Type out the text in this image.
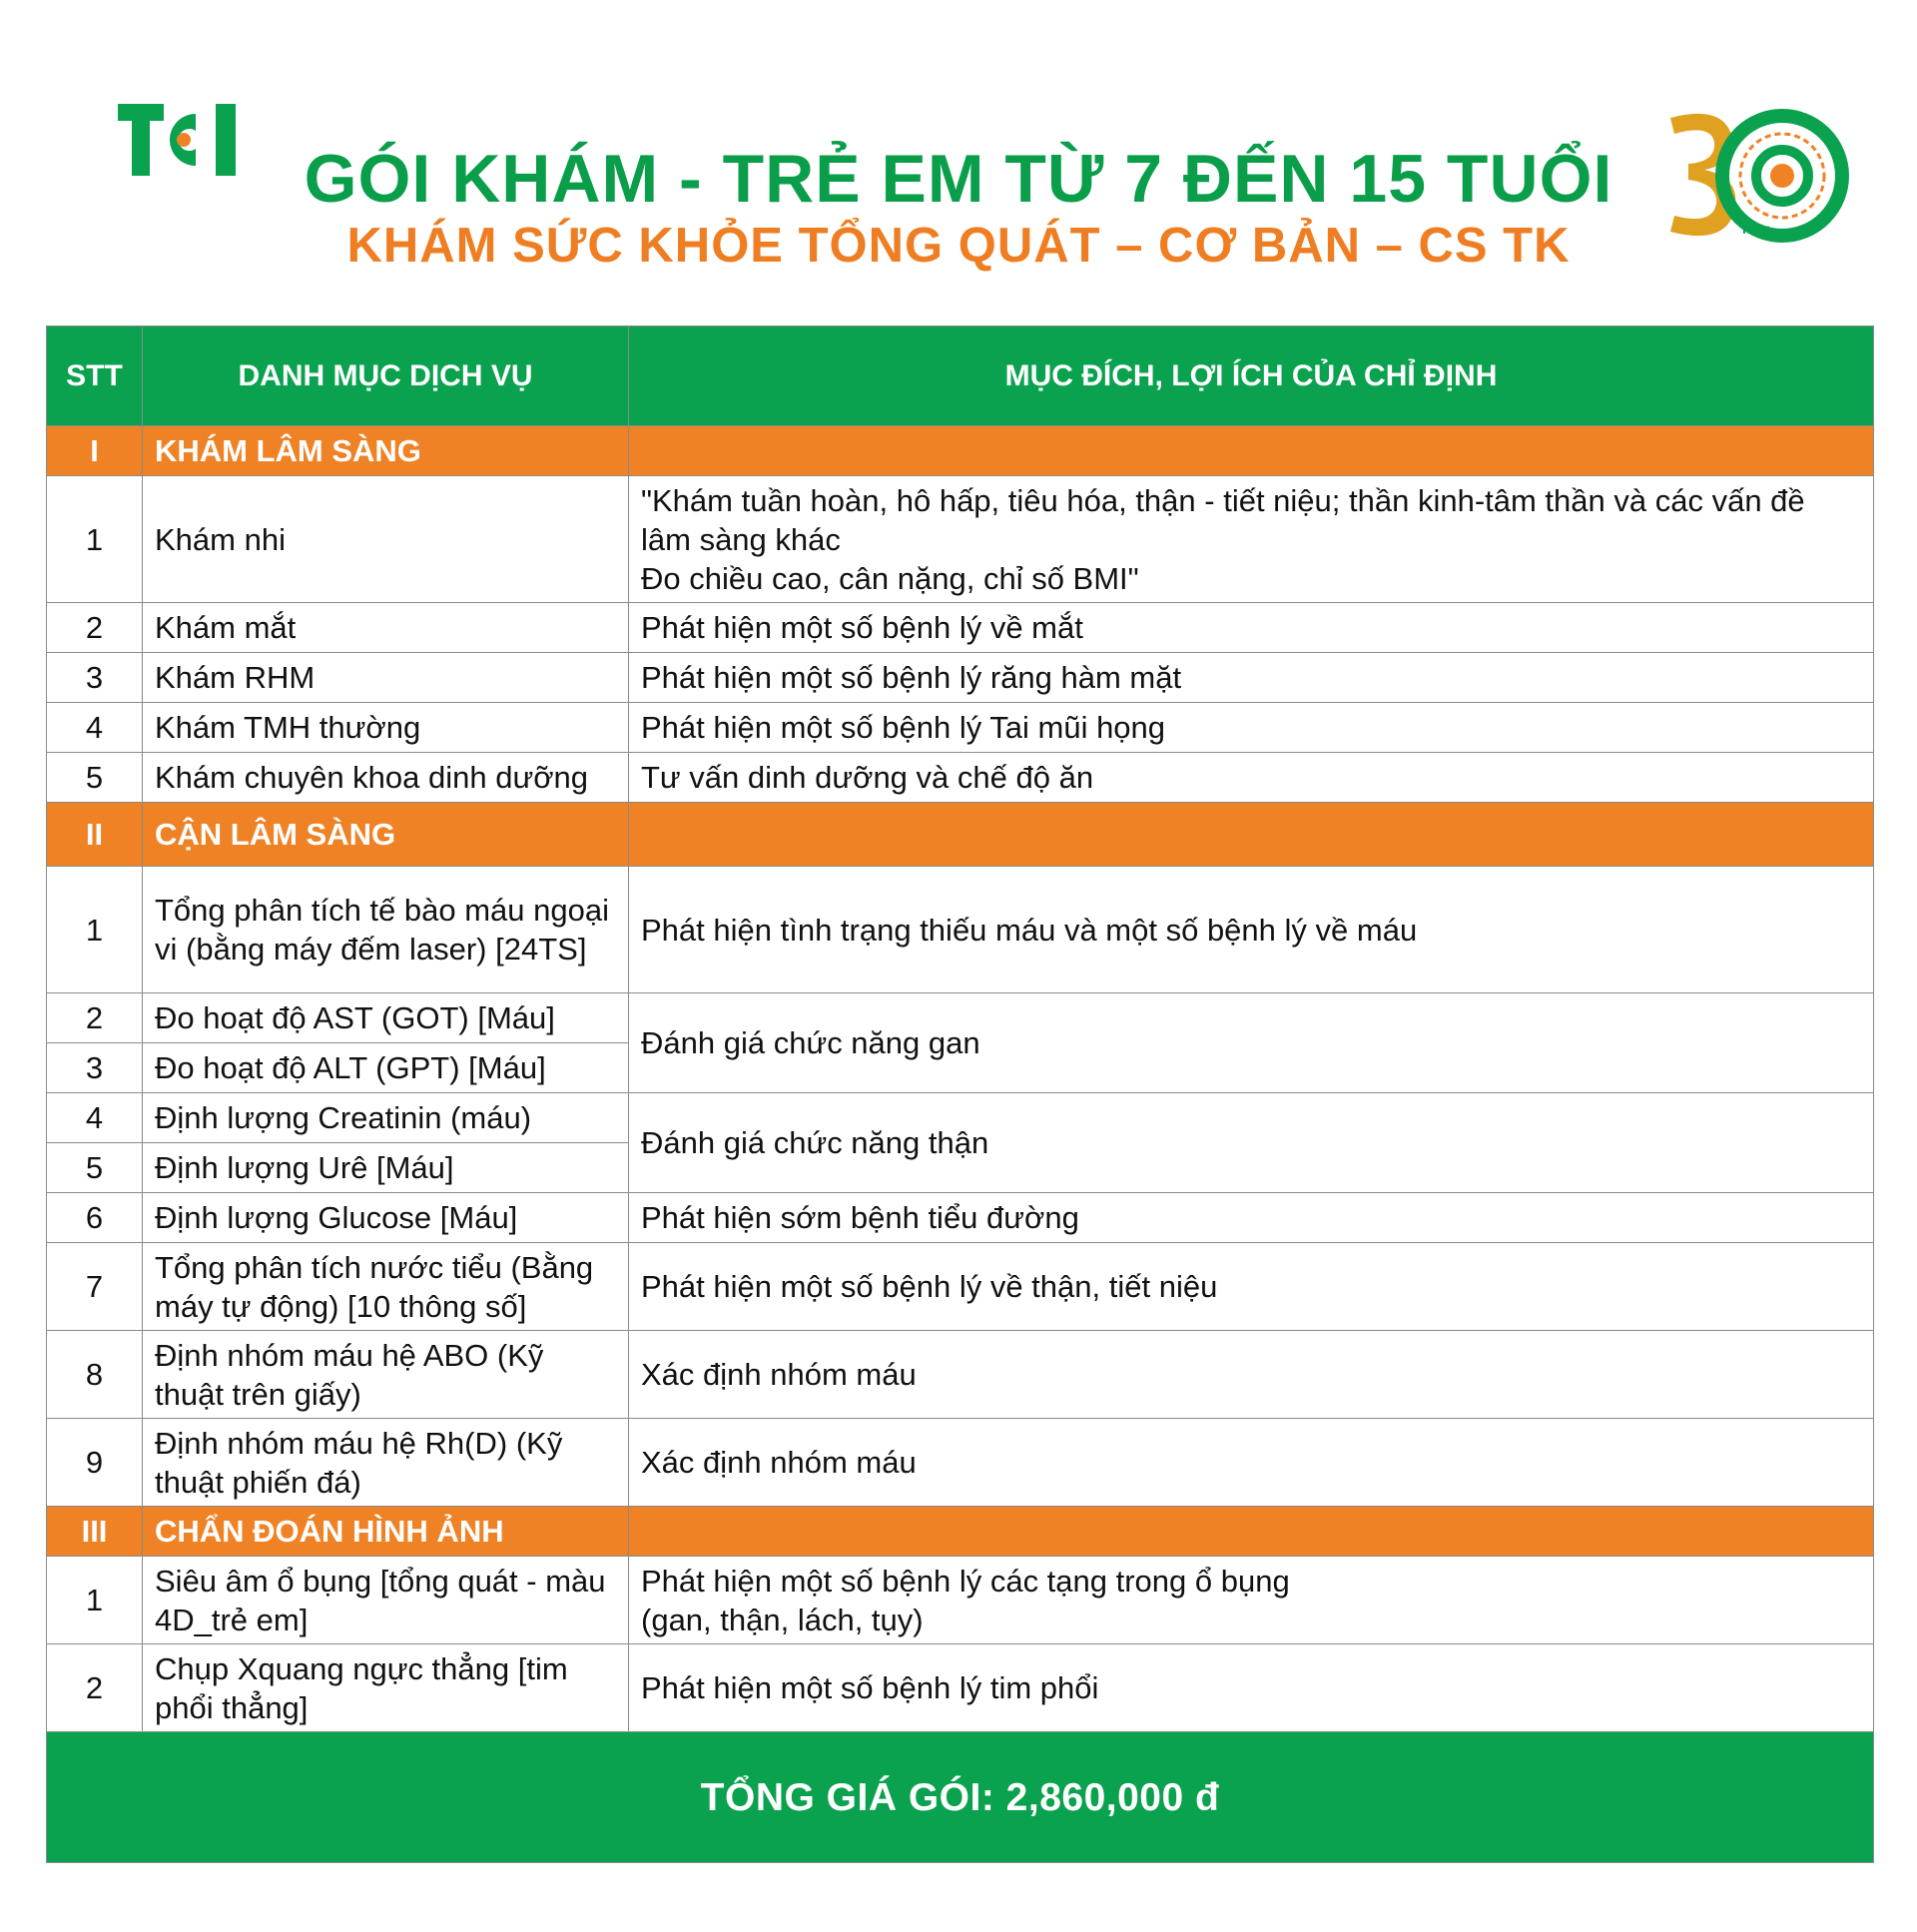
năm
GÓI KHÁM - TRẺ EM TỪ 7 ĐẾN 15 TUỔI
KHÁM SỨC KHỎE TỔNG QUÁT – CƠ BẢN – CS TK
STT	DANH MỤC DỊCH VỤ	MỤC ĐÍCH, LỢI ÍCH CỦA CHỈ ĐỊNH
I	KHÁM LÂM SÀNG	
1	Khám nhi	"Khám tuần hoàn, hô hấp, tiêu hóa, thận - tiết niệu; thần kinh-tâm thần và các vấn đề lâm sàng khác
Đo chiều cao, cân nặng, chỉ số BMI"
2	Khám mắt	Phát hiện một số bệnh lý về mắt
3	Khám RHM	Phát hiện một số bệnh lý răng hàm mặt
4	Khám TMH thường	Phát hiện một số bệnh lý Tai mũi họng
5	Khám chuyên khoa dinh dưỡng	Tư vấn dinh dưỡng và chế độ ăn
II	CẬN LÂM SÀNG	
1	Tổng phân tích tế bào máu ngoại vi (bằng máy đếm laser) [24TS]	Phát hiện tình trạng thiếu máu và một số bệnh lý về máu
2	Đo hoạt độ AST (GOT) [Máu]	Đánh giá chức năng gan
3	Đo hoạt độ ALT (GPT) [Máu]	
4	Định lượng Creatinin (máu)	Đánh giá chức năng thận
5	Định lượng Urê [Máu]	
6	Định lượng Glucose [Máu]	Phát hiện sớm bệnh tiểu đường
7	Tổng phân tích nước tiểu (Bằng máy tự động) [10 thông số]	Phát hiện một số bệnh lý về thận, tiết niệu
8	Định nhóm máu hệ ABO (Kỹ thuật trên giấy)	Xác định nhóm máu
9	Định nhóm máu hệ Rh(D) (Kỹ thuật phiến đá)	Xác định nhóm máu
III	CHẨN ĐOÁN HÌNH ẢNH	
1	Siêu âm ổ bụng [tổng quát - màu 4D_trẻ em]	Phát hiện một số bệnh lý các tạng trong ổ bụng (gan, thận, lách, tụy)
2	Chụp Xquang ngực thẳng [tim phổi thẳng]	Phát hiện một số bệnh lý tim phổi
TỔNG GIÁ GÓI: 2,860,000 đ		
